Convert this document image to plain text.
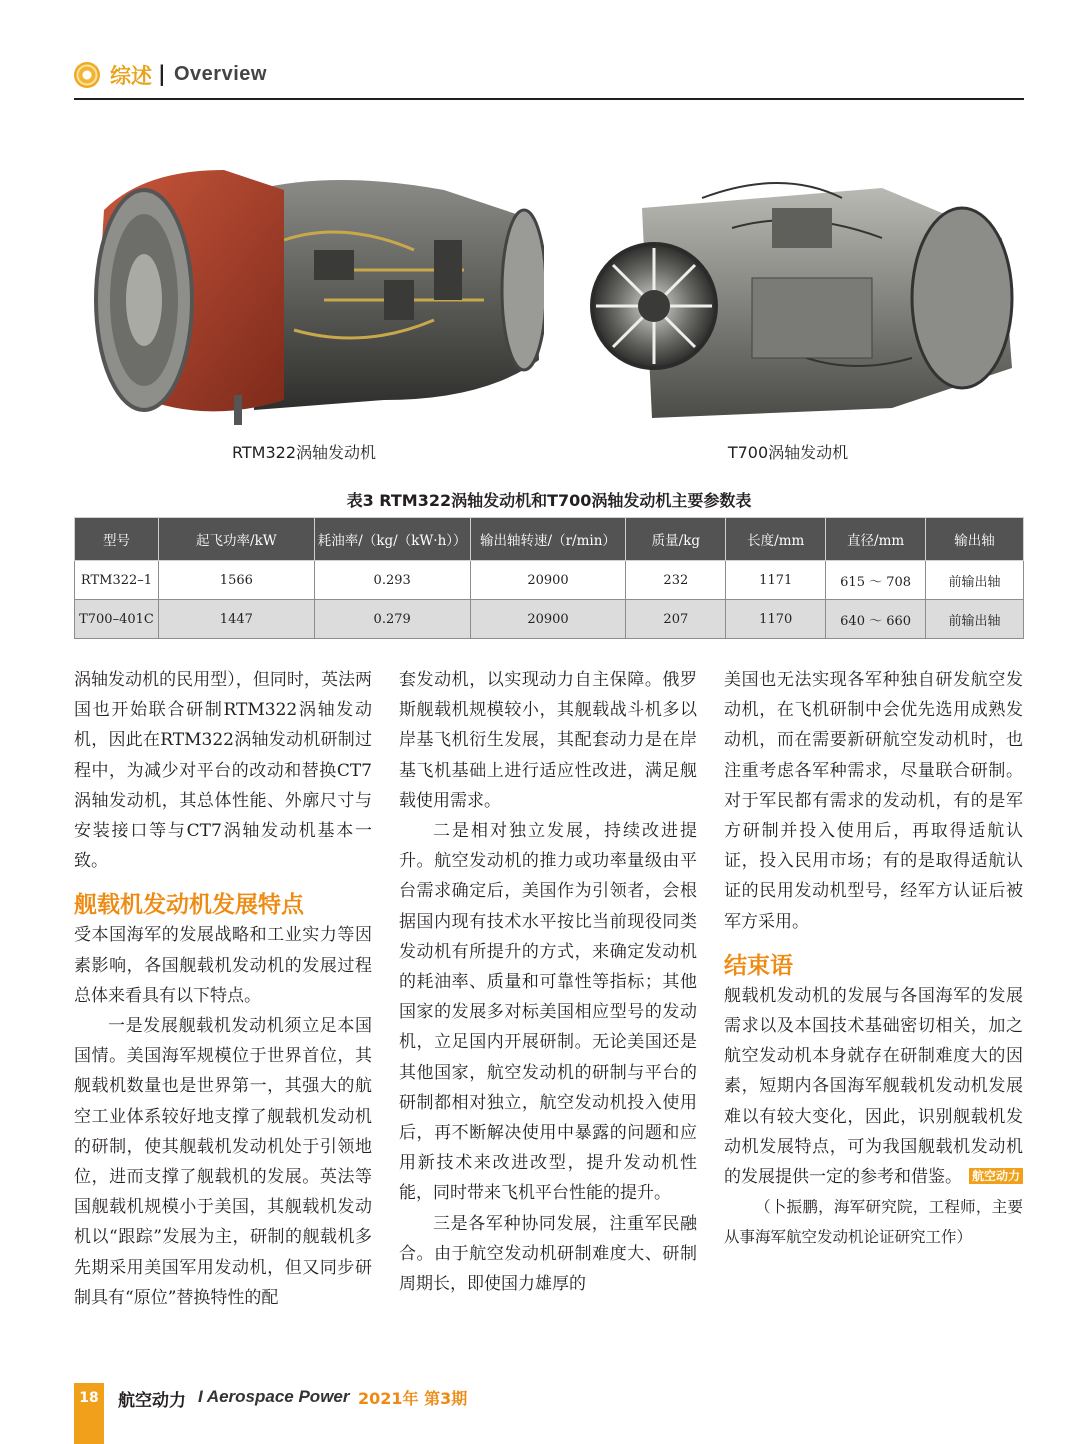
综述 | Overview
RTM322涡轴发动机	T700涡轴发动机
表3 RTM322涡轴发动机和T700涡轴发动机主要参数表
型号	起飞功率/kW	耗油率/（kg/（kW·h））	输出轴转速/（r/min）	质量/kg	长度/mm	直径/mm	输出轴
RTM322–1	1566	0.293	20900	232	1171	615 ～ 708	前输出轴
T700–401C	1447	0.279	20900	207	1170	640 ～ 660	前输出轴

涡轴发动机的民用型），但同时，英法两国也开始联合研制RTM322涡轴发动机，因此在RTM322涡轴发动机研制过程中，为减少对平台的改动和替换CT7涡轴发动机，其总体性能、外廓尺寸与安装接口等与CT7涡轴发动机基本一致。

舰载机发动机发展特点

受本国海军的发展战略和工业实力等因素影响，各国舰载机发动机的发展过程总体来看具有以下特点。

一是发展舰载机发动机须立足本国国情。美国海军规模位于世界首位，其舰载机数量也是世界第一，其强大的航空工业体系较好地支撑了舰载机发动机的研制，使其舰载机发动机处于引领地位，进而支撑了舰载机的发展。英法等国舰载机规模小于美国，其舰载机发动机以“跟踪”发展为主，研制的舰载机多先期采用美国军用发动机，但又同步研制具有“原位”替换特性的配

套发动机，以实现动力自主保障。俄罗斯舰载机规模较小，其舰载战斗机多以岸基飞机衍生发展，其配套动力是在岸基飞机基础上进行适应性改进，满足舰载使用需求。

二是相对独立发展，持续改进提升。航空发动机的推力或功率量级由平台需求确定后，美国作为引领者，会根据国内现有技术水平按比当前现役同类发动机有所提升的方式，来确定发动机的耗油率、质量和可靠性等指标；其他国家的发展多对标美国相应型号的发动机，立足国内开展研制。无论美国还是其他国家，航空发动机的研制与平台的研制都相对独立，航空发动机投入使用后，再不断解决使用中暴露的问题和应用新技术来改进改型，提升发动机性能，同时带来飞机平台性能的提升。

三是各军种协同发展，注重军民融合。由于航空发动机研制难度大、研制周期长，即使国力雄厚的

美国也无法实现各军种独自研发航空发动机，在飞机研制中会优先选用成熟发动机，而在需要新研航空发动机时，也注重考虑各军种需求，尽量联合研制。对于军民都有需求的发动机，有的是军方研制并投入使用后，再取得适航认证，投入民用市场；有的是取得适航认证的民用发动机型号，经军方认证后被军方采用。

结束语

舰载机发动机的发展与各国海军的发展需求以及本国技术基础密切相关，加之航空发动机本身就存在研制难度大的因素，短期内各国海军舰载机发动机发展难以有较大变化，因此，识别舰载机发动机发展特点，可为我国舰载机发动机的发展提供一定的参考和借鉴。 航空动力

（卜振鹏，海军研究院，工程师，主要从事海军航空发动机论证研究工作）

18	航空动力 I Aerospace Power 2021年 第3期
